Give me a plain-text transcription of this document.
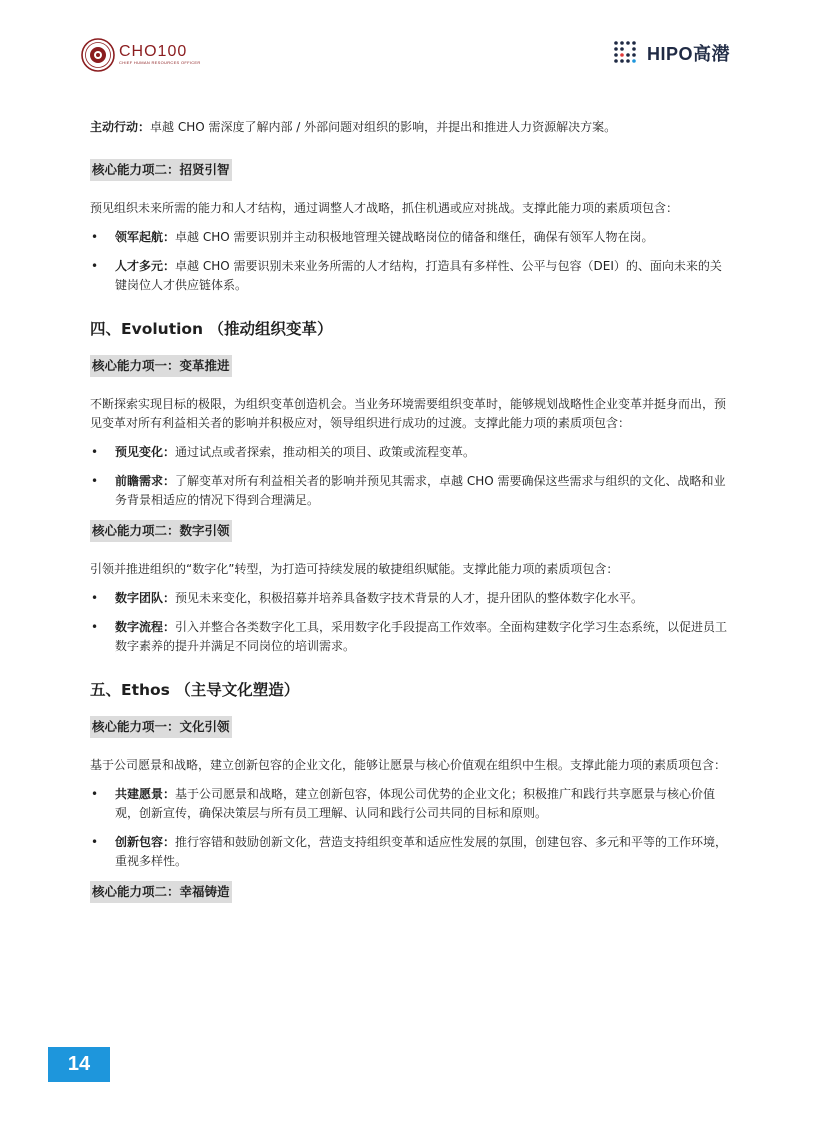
CHO100
CHIEF HUMAN RESOURCES OFFICER	HIPO高潜

主动行动：卓越 CHO 需深度了解内部 / 外部问题对组织的影响，并提出和推进人力资源解决方案。

核心能力项二：招贤引智

预见组织未来所需的能力和人才结构，通过调整人才战略，抓住机遇或应对挑战。支撑此能力项的素质项包含：

• 领军起航：卓越 CHO 需要识别并主动积极地管理关键战略岗位的储备和继任，确保有领军人物在岗。
• 人才多元：卓越 CHO 需要识别未来业务所需的人才结构，打造具有多样性、公平与包容（DEI）的、面向未来的关键岗位人才供应链体系。
四、Evolution （推动组织变革）
核心能力项一：变革推进

不断探索实现目标的极限，为组织变革创造机会。当业务环境需要组织变革时，能够规划战略性企业变革并挺身而出，预见变革对所有利益相关者的影响并积极应对，领导组织进行成功的过渡。支撑此能力项的素质项包含：

• 预见变化：通过试点或者探索，推动相关的项目、政策或流程变革。
• 前瞻需求：了解变革对所有利益相关者的影响并预见其需求，卓越 CHO 需要确保这些需求与组织的文化、战略和业务背景相适应的情况下得到合理满足。
核心能力项二：数字引领

引领并推进组织的“数字化”转型，为打造可持续发展的敏捷组织赋能。支撑此能力项的素质项包含：

• 数字团队：预见未来变化，积极招募并培养具备数字技术背景的人才，提升团队的整体数字化水平。
• 数字流程：引入并整合各类数字化工具，采用数字化手段提高工作效率。全面构建数字化学习生态系统，以促进员工数字素养的提升并满足不同岗位的培训需求。
五、Ethos （主导文化塑造）
核心能力项一：文化引领

基于公司愿景和战略，建立创新包容的企业文化，能够让愿景与核心价值观在组织中生根。支撑此能力项的素质项包含：

• 共建愿景：基于公司愿景和战略，建立创新包容，体现公司优势的企业文化；积极推广和践行共享愿景与核心价值观，创新宣传，确保决策层与所有员工理解、认同和践行公司共同的目标和原则。
• 创新包容：推行容错和鼓励创新文化，营造支持组织变革和适应性发展的氛围，创建包容、多元和平等的工作环境，重视多样性。
核心能力项二：幸福铸造
14
